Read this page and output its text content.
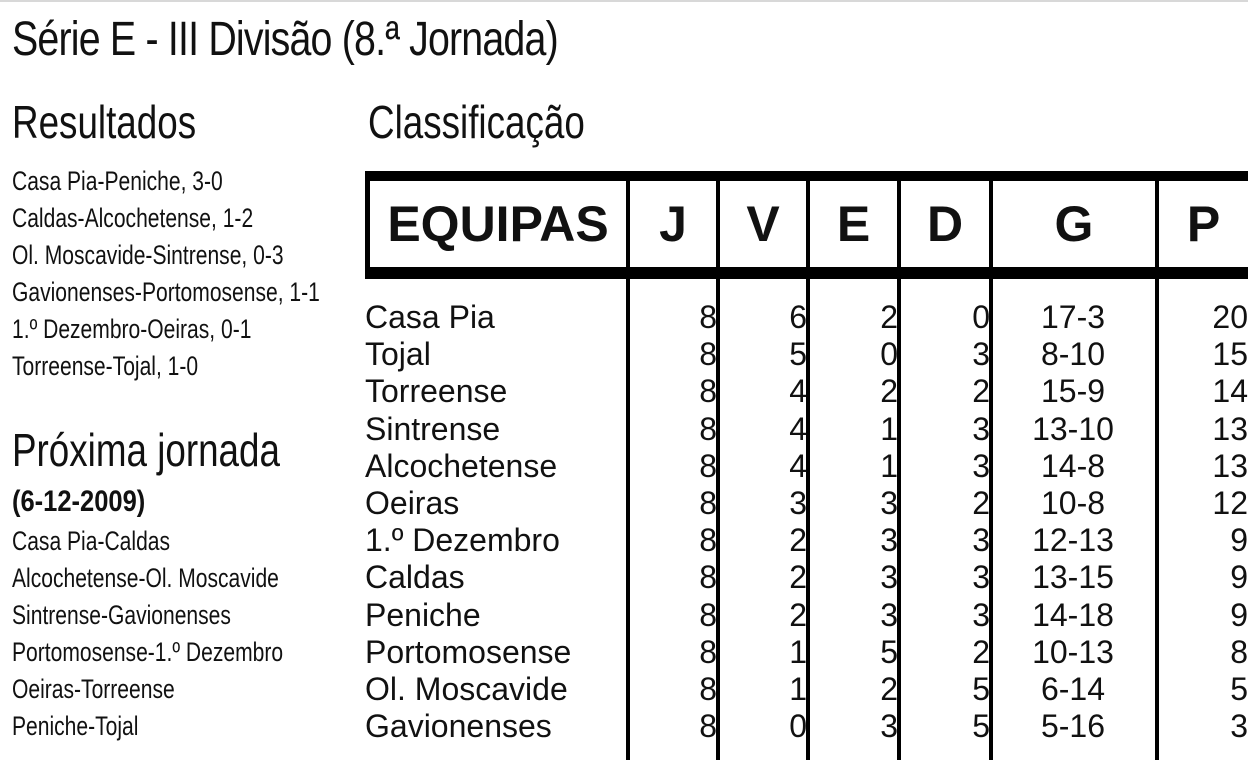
Série E - III Divisão (8.ª Jornada)
Resultados
Casa Pia-Peniche, 3-0
Caldas-Alcochetense, 1-2
Ol. Moscavide-Sintrense, 0-3
Gavionenses-Portomosense, 1-1
1.º Dezembro-Oeiras, 0-1
Torreense-Tojal, 1-0
Próxima jornada
(6-12-2009)
Casa Pia-Caldas
Alcochetense-Ol. Moscavide
Sintrense-Gavionenses
Portomosense-1.º Dezembro
Oeiras-Torreense
Peniche-Tojal
Classificação
EQUIPAS	J	V	E	D	G	P
Casa Pia	8	6	2	0	17-3	20
Tojal	8	5	0	3	8-10	15
Torreense	8	4	2	2	15-9	14
Sintrense	8	4	1	3	13-10	13
Alcochetense	8	4	1	3	14-8	13
Oeiras	8	3	3	2	10-8	12
1.º Dezembro	8	2	3	3	12-13	9
Caldas	8	2	3	3	13-15	9
Peniche	8	2	3	3	14-18	9
Portomosense	8	1	5	2	10-13	8
Ol. Moscavide	8	1	2	5	6-14	5
Gavionenses	8	0	3	5	5-16	3
